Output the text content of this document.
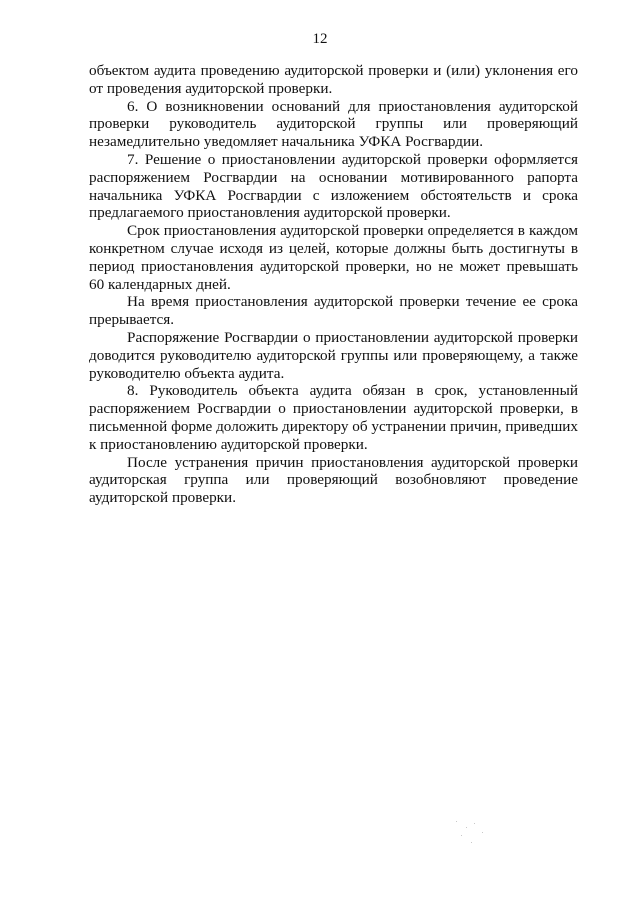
12

объектом аудита проведению аудиторской проверки и (или) уклонения его от проведения аудиторской проверки.

6. О возникновении оснований для приостановления аудиторской проверки руководитель аудиторской группы или проверяющий незамедлительно уведомляет начальника УФКА Росгвардии.

7. Решение о приостановлении аудиторской проверки оформляется распоряжением Росгвардии на основании мотивированного рапорта начальника УФКА Росгвардии с изложением обстоятельств и срока предлагаемого приостановления аудиторской проверки.

Срок приостановления аудиторской проверки определяется в каждом конкретном случае исходя из целей, которые должны быть достигнуты в период приостановления аудиторской проверки, но не может превышать 60 календарных дней.

На время приостановления аудиторской проверки течение ее срока прерывается.

Распоряжение Росгвардии о приостановлении аудиторской проверки доводится руководителю аудиторской группы или проверяющему, а также руководителю объекта аудита.

8. Руководитель объекта аудита обязан в срок, установленный распоряжением Росгвардии о приостановлении аудиторской проверки, в письменной форме доложить директору об устранении причин, приведших к приостановлению аудиторской проверки.

После устранения причин приостановления аудиторской проверки аудиторская группа или проверяющий возобновляют проведение аудиторской проверки.
